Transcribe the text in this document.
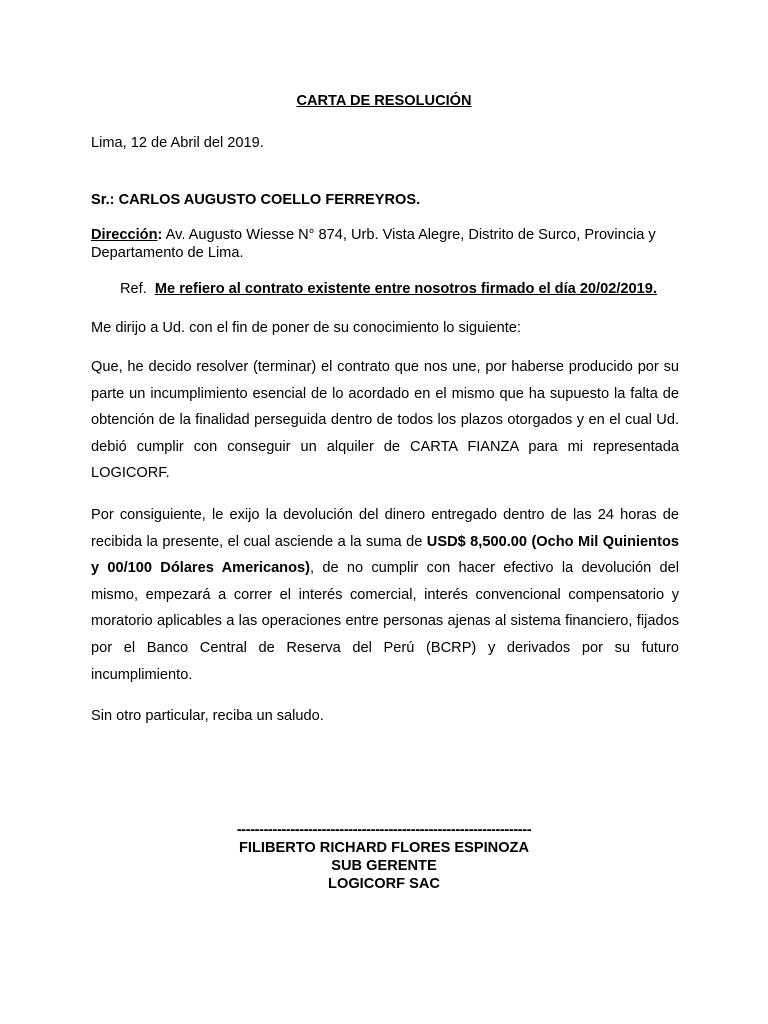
CARTA DE RESOLUCIÓN
Lima, 12 de Abril del 2019.
Sr.: CARLOS AUGUSTO COELLO FERREYROS.
Dirección: Av. Augusto Wiesse N° 874, Urb. Vista Alegre, Distrito de Surco, Provincia y Departamento de Lima.
Ref. Me refiero al contrato existente entre nosotros firmado el día 20/02/2019.
Me dirijo a Ud. con el fin de poner de su conocimiento lo siguiente:
Que, he decido resolver (terminar) el contrato que nos une, por haberse producido por su parte un incumplimiento esencial de lo acordado en el mismo que ha supuesto la falta de obtención de la finalidad perseguida dentro de todos los plazos otorgados y en el cual Ud. debió cumplir con conseguir un alquiler de CARTA FIANZA para mi representada LOGICORF.
Por consiguiente, le exijo la devolución del dinero entregado dentro de las 24 horas de recibida la presente, el cual asciende a la suma de USD$ 8,500.00 (Ocho Mil Quinientos y 00/100 Dólares Americanos), de no cumplir con hacer efectivo la devolución del mismo, empezará a correr el interés comercial, interés convencional compensatorio y moratorio aplicables a las operaciones entre personas ajenas al sistema financiero, fijados por el Banco Central de Reserva del Perú (BCRP) y derivados por su futuro incumplimiento.
Sin otro particular, reciba un saludo.
------------------------------------------------------------------
FILIBERTO RICHARD FLORES ESPINOZA
SUB GERENTE
LOGICORF SAC
